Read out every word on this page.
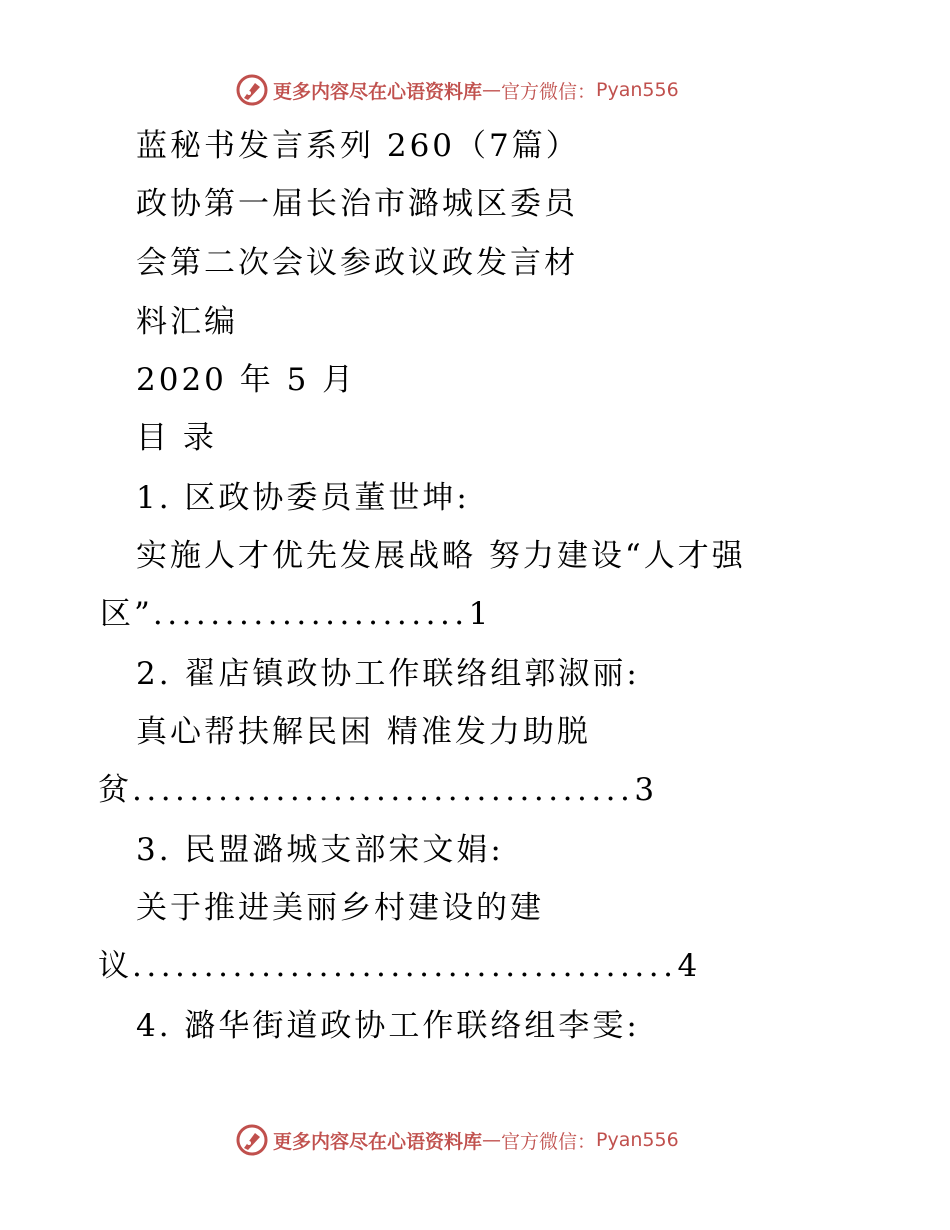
更多内容尽在心语资料库 — 官方微信： Pyan556
蓝秘书发言系列 260（7篇）
政协第一届长治市潞城区委员
会第二次会议参政议政发言材
料汇编
2020 年 5 月
目 录
1. 区政协委员董世坤:
实施人才优先发展战略 努力建设“人才强
区”......................1
2. 翟店镇政协工作联络组郭淑丽:
真心帮扶解民困 精准发力助脱
贫...................................3
3. 民盟潞城支部宋文娟:
关于推进美丽乡村建设的建
议......................................4
4. 潞华街道政协工作联络组李雯:
更多内容尽在心语资料库 — 官方微信： Pyan556
